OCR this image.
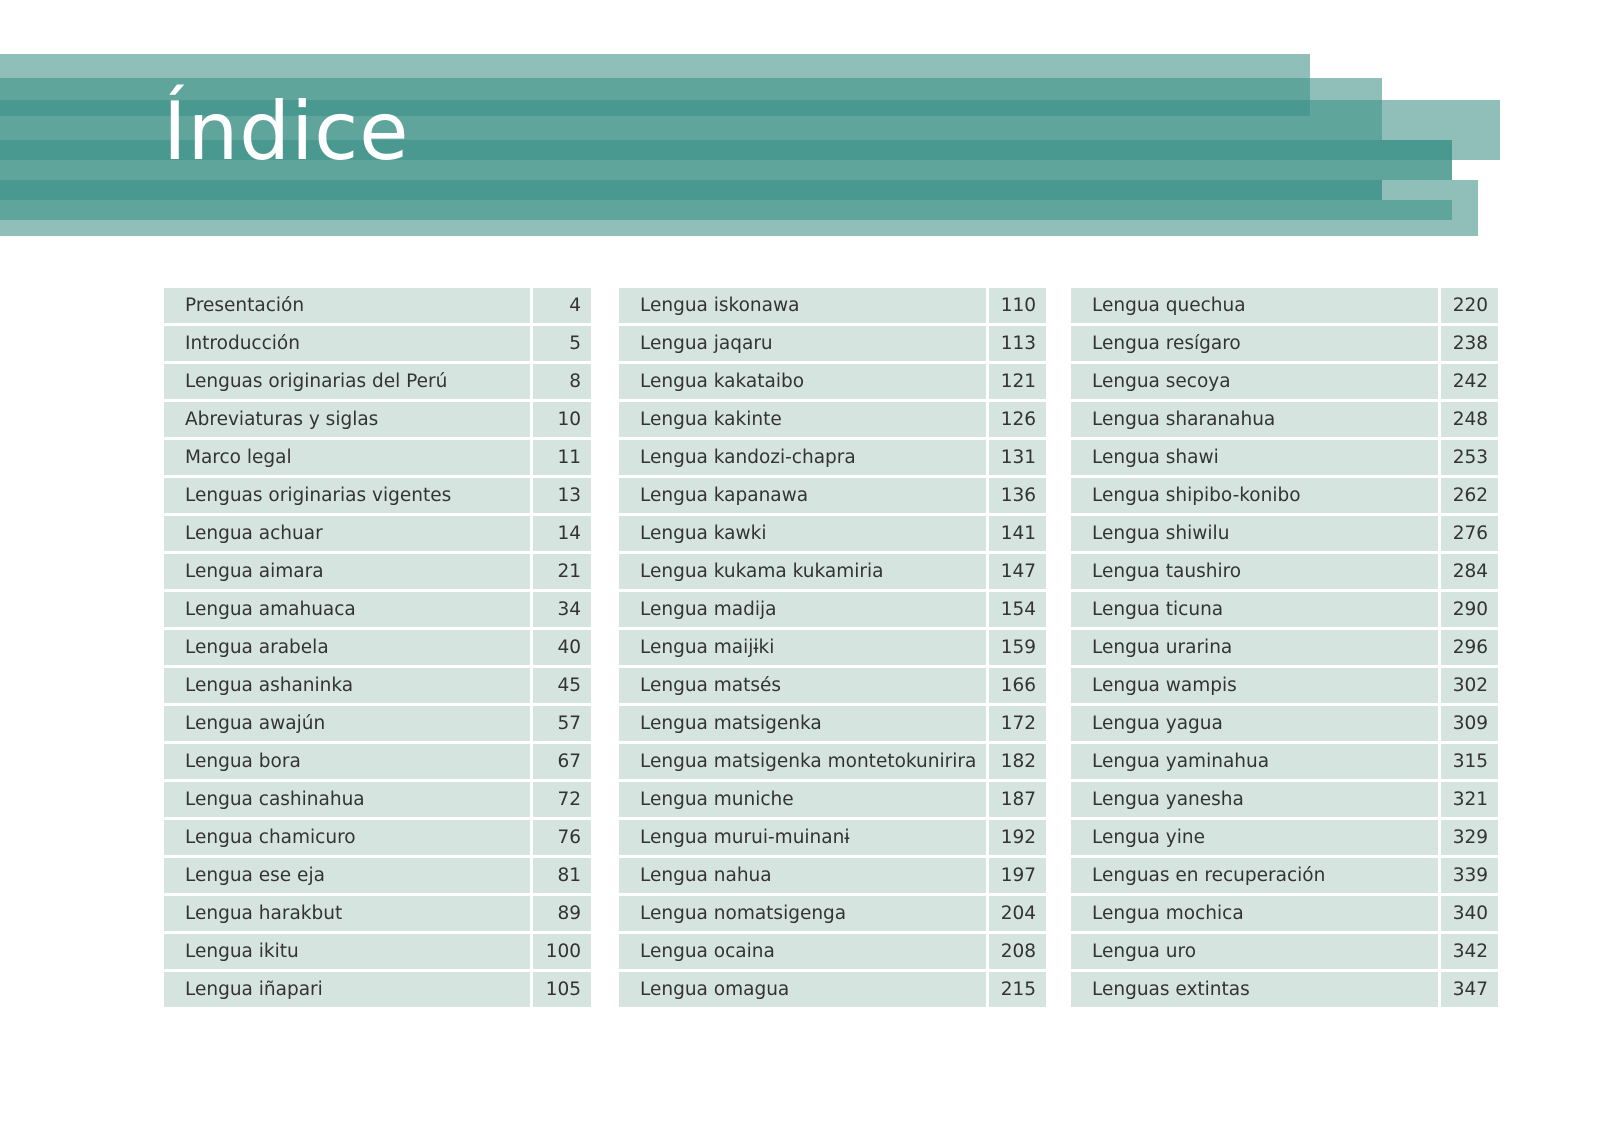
Índice
Presentación	4
Introducción	5
Lenguas originarias del Perú	8
Abreviaturas y siglas	10
Marco legal	11
Lenguas originarias vigentes	13
Lengua achuar	14
Lengua aimara	21
Lengua amahuaca	34
Lengua arabela	40
Lengua ashaninka	45
Lengua awajún	57
Lengua bora	67
Lengua cashinahua	72
Lengua chamicuro	76
Lengua ese eja	81
Lengua harakbut	89
Lengua ikitu	100
Lengua iñapari	105
Lengua iskonawa	110
Lengua jaqaru	113
Lengua kakataibo	121
Lengua kakinte	126
Lengua kandozi-chapra	131
Lengua kapanawa	136
Lengua kawki	141
Lengua kukama kukamiria	147
Lengua madija	154
Lengua maijɨki	159
Lengua matsés	166
Lengua matsigenka	172
Lengua matsigenka montetokunirira	182
Lengua muniche	187
Lengua murui-muinanɨ	192
Lengua nahua	197
Lengua nomatsigenga	204
Lengua ocaina	208
Lengua omagua	215
Lengua quechua	220
Lengua resígaro	238
Lengua secoya	242
Lengua sharanahua	248
Lengua shawi	253
Lengua shipibo-konibo	262
Lengua shiwilu	276
Lengua taushiro	284
Lengua ticuna	290
Lengua urarina	296
Lengua wampis	302
Lengua yagua	309
Lengua yaminahua	315
Lengua yanesha	321
Lengua yine	329
Lenguas en recuperación	339
Lengua mochica	340
Lengua uro	342
Lenguas extintas	347
